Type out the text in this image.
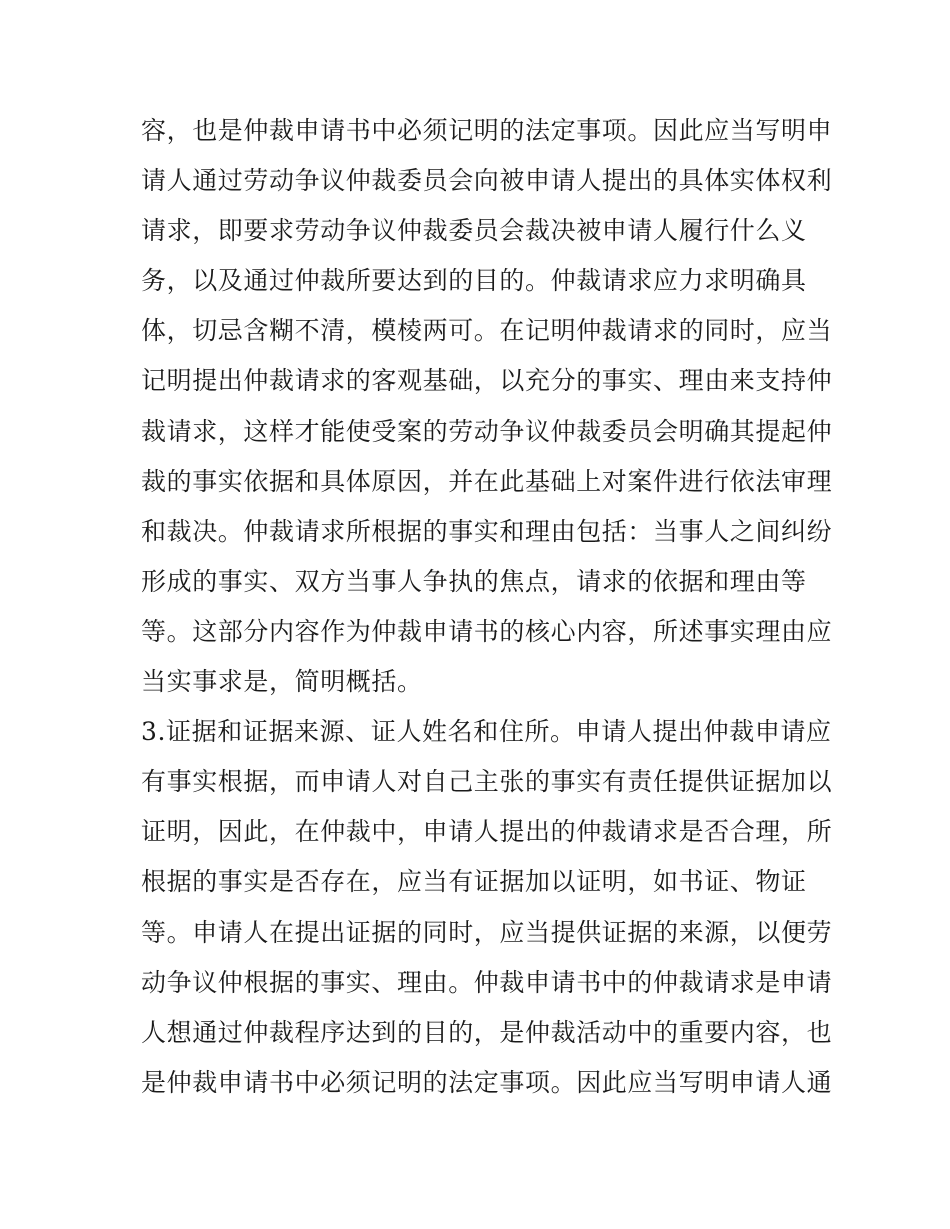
容，也是仲裁申请书中必须记明的法定事项。因此应当写明申
请人通过劳动争议仲裁委员会向被申请人提出的具体实体权利
请求，即要求劳动争议仲裁委员会裁决被申请人履行什么义
务，以及通过仲裁所要达到的目的。仲裁请求应力求明确具
体，切忌含糊不清，模棱两可。在记明仲裁请求的同时，应当
记明提出仲裁请求的客观基础，以充分的事实、理由来支持仲
裁请求，这样才能使受案的劳动争议仲裁委员会明确其提起仲
裁的事实依据和具体原因，并在此基础上对案件进行依法审理
和裁决。仲裁请求所根据的事实和理由包括：当事人之间纠纷
形成的事实、双方当事人争执的焦点，请求的依据和理由等
等。这部分内容作为仲裁申请书的核心内容，所述事实理由应
当实事求是，简明概括。
3.证据和证据来源、证人姓名和住所。申请人提出仲裁申请应
有事实根据，而申请人对自己主张的事实有责任提供证据加以
证明，因此，在仲裁中，申请人提出的仲裁请求是否合理，所
根据的事实是否存在，应当有证据加以证明，如书证、物证
等。申请人在提出证据的同时，应当提供证据的来源，以便劳
动争议仲根据的事实、理由。仲裁申请书中的仲裁请求是申请
人想通过仲裁程序达到的目的，是仲裁活动中的重要内容，也
是仲裁申请书中必须记明的法定事项。因此应当写明申请人通
